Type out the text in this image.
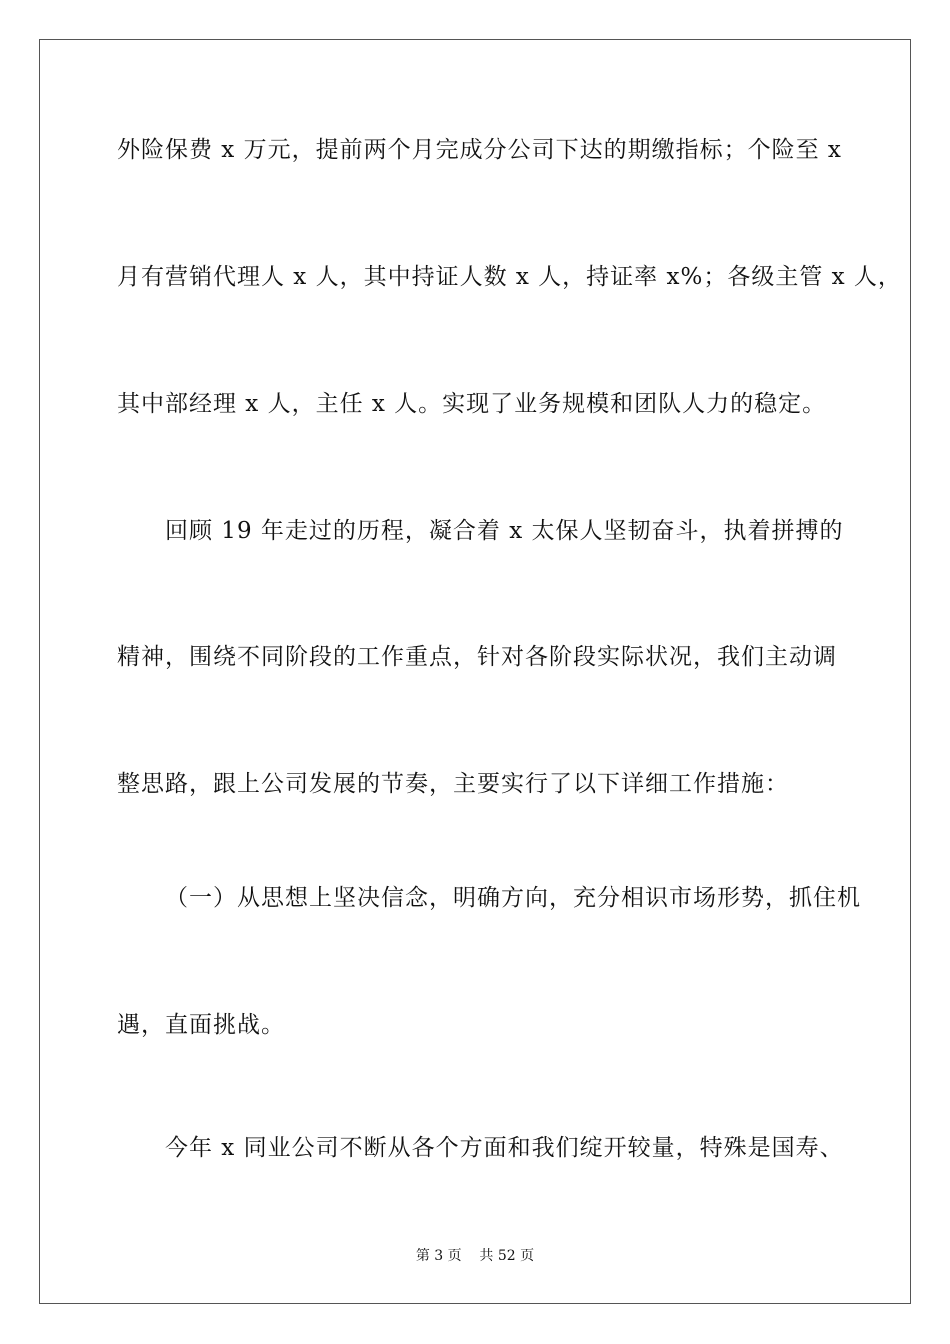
外险保费 x 万元，提前两个月完成分公司下达的期缴指标；个险至 x
月有营销代理人 x 人，其中持证人数 x 人，持证率 x%；各级主管 x 人，
其中部经理 x 人，主任 x 人。实现了业务规模和团队人力的稳定。
回顾 19 年走过的历程，凝合着 x 太保人坚韧奋斗，执着拼搏的
精神，围绕不同阶段的工作重点，针对各阶段实际状况，我们主动调
整思路，跟上公司发展的节奏，主要实行了以下详细工作措施：
（一）从思想上坚决信念，明确方向，充分相识市场形势，抓住机
遇，直面挑战。
今年 x 同业公司不断从各个方面和我们绽开较量，特殊是国寿、
第 3 页    共 52 页
